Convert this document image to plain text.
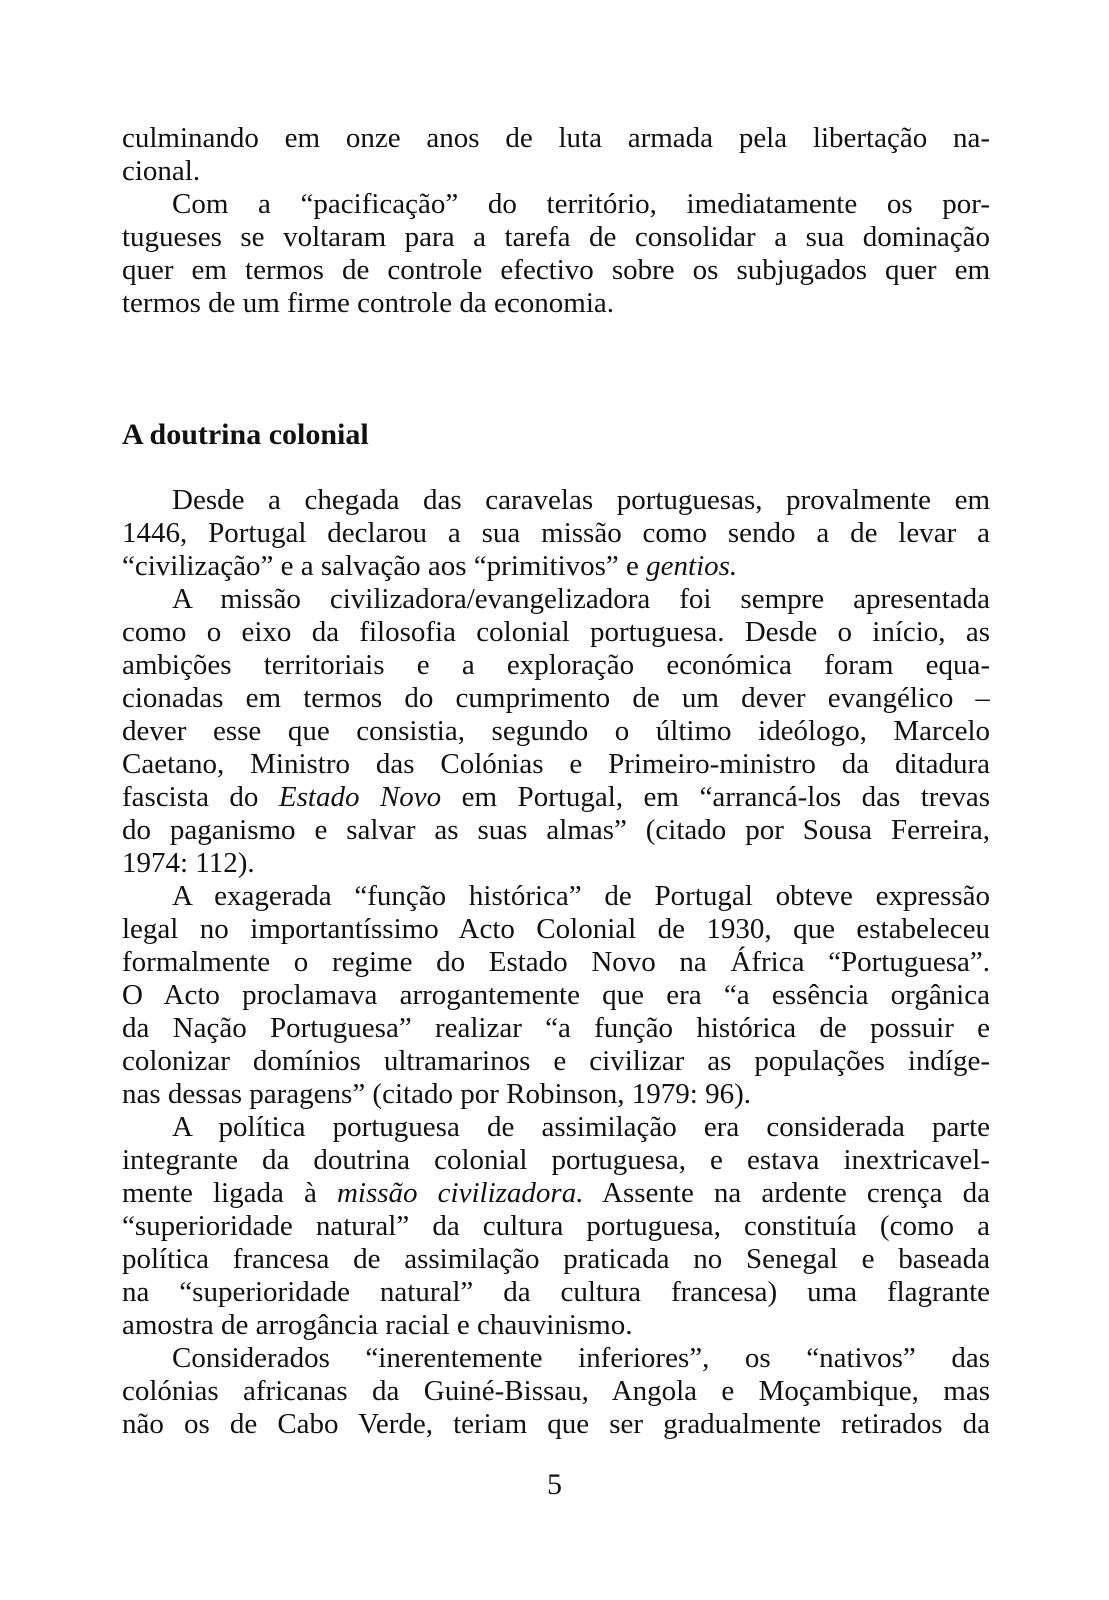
culminando em onze anos de luta armada pela libertação na-
cional.
Com a “pacificação” do território, imediatamente os por-
tugueses se voltaram para a tarefa de consolidar a sua dominação
quer em termos de controle efectivo sobre os subjugados quer em
termos de um firme controle da economia.
A doutrina colonial
Desde a chegada das caravelas portuguesas, provalmente em
1446, Portugal declarou a sua missão como sendo a de levar a
“civilização” e a salvação aos “primitivos” e gentios.
A missão civilizadora/evangelizadora foi sempre apresentada
como o eixo da filosofia colonial portuguesa. Desde o início, as
ambições territoriais e a exploração económica foram equa-
cionadas em termos do cumprimento de um dever evangélico –
dever esse que consistia, segundo o último ideólogo, Marcelo
Caetano, Ministro das Colónias e Primeiro-ministro da ditadura
fascista do Estado Novo em Portugal, em “arrancá-los das trevas
do paganismo e salvar as suas almas” (citado por Sousa Ferreira,
1974: 112).
A exagerada “função histórica” de Portugal obteve expressão
legal no importantíssimo Acto Colonial de 1930, que estabeleceu
formalmente o regime do Estado Novo na África “Portuguesa”.
O Acto proclamava arrogantemente que era “a essência orgânica
da Nação Portuguesa” realizar “a função histórica de possuir e
colonizar domínios ultramarinos e civilizar as populações indíge-
nas dessas paragens” (citado por Robinson, 1979: 96).
A política portuguesa de assimilação era considerada parte
integrante da doutrina colonial portuguesa, e estava inextricavel-
mente ligada à missão civilizadora. Assente na ardente crença da
“superioridade natural” da cultura portuguesa, constituía (como a
política francesa de assimilação praticada no Senegal e baseada
na “superioridade natural” da cultura francesa) uma flagrante
amostra de arrogância racial e chauvinismo.
Considerados “inerentemente inferiores”, os “nativos” das
colónias africanas da Guiné-Bissau, Angola e Moçambique, mas
não os de Cabo Verde, teriam que ser gradualmente retirados da
5
